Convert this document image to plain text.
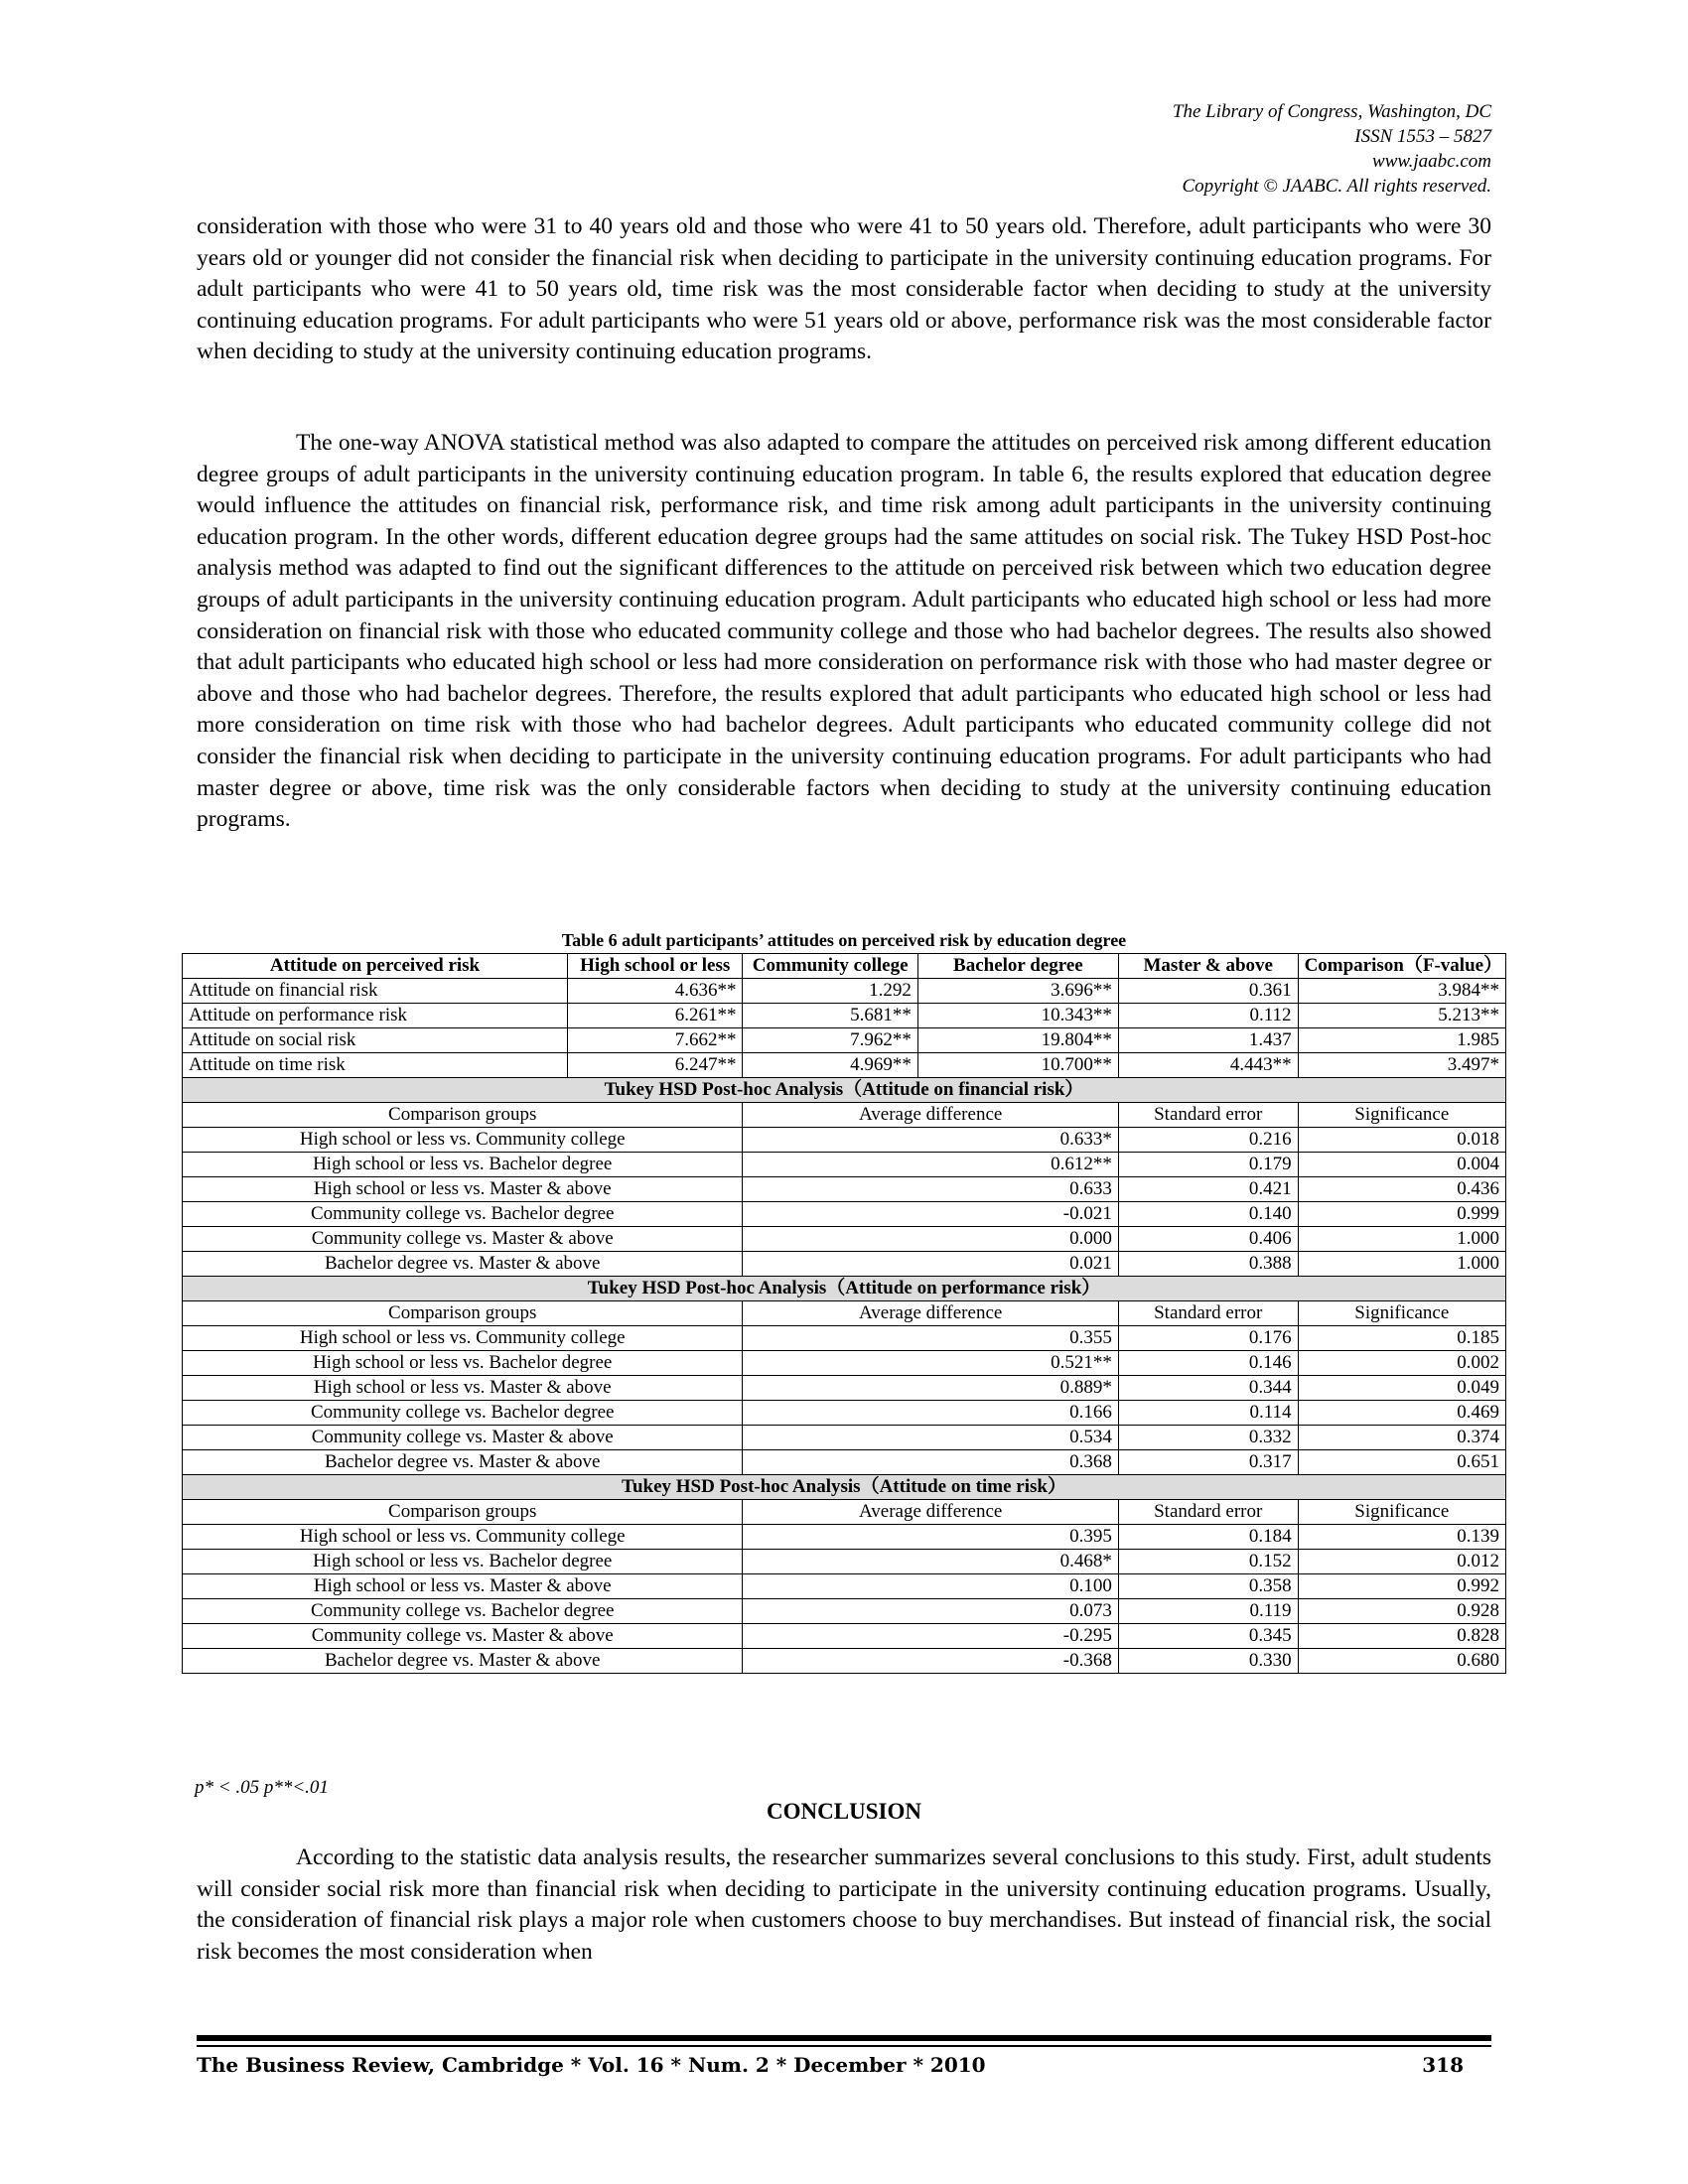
The Library of Congress, Washington, DC
ISSN 1553 – 5827
www.jaabc.com
Copyright © JAABC. All rights reserved.

consideration with those who were 31 to 40 years old and those who were 41 to 50 years old. Therefore, adult participants who were 30 years old or younger did not consider the financial risk when deciding to participate in the university continuing education programs. For adult participants who were 41 to 50 years old, time risk was the most considerable factor when deciding to study at the university continuing education programs. For adult participants who were 51 years old or above, performance risk was the most considerable factor when deciding to study at the university continuing education programs.

The one-way ANOVA statistical method was also adapted to compare the attitudes on perceived risk among different education degree groups of adult participants in the university continuing education program. In table 6, the results explored that education degree would influence the attitudes on financial risk, performance risk, and time risk among adult participants in the university continuing education program. In the other words, different education degree groups had the same attitudes on social risk. The Tukey HSD Post-hoc analysis method was adapted to find out the significant differences to the attitude on perceived risk between which two education degree groups of adult participants in the university continuing education program. Adult participants who educated high school or less had more consideration on financial risk with those who educated community college and those who had bachelor degrees. The results also showed that adult participants who educated high school or less had more consideration on performance risk with those who had master degree or above and those who had bachelor degrees. Therefore, the results explored that adult participants who educated high school or less had more consideration on time risk with those who had bachelor degrees. Adult participants who educated community college did not consider the financial risk when deciding to participate in the university continuing education programs. For adult participants who had master degree or above, time risk was the only considerable factors when deciding to study at the university continuing education programs.

Table 6 adult participants’ attitudes on perceived risk by education degree
Attitude on perceived risk	High school or less	Community college	Bachelor degree	Master & above	Comparison（F-value）
Attitude on financial risk	4.636**	1.292	3.696**	0.361	3.984**
Attitude on performance risk	6.261**	5.681**	10.343**	0.112	5.213**
Attitude on social risk	7.662**	7.962**	19.804**	1.437	1.985
Attitude on time risk	6.247**	4.969**	10.700**	4.443**	3.497*
Tukey HSD Post-hoc Analysis（Attitude on financial risk）					
Comparison groups		Average difference		Standard error	Significance
High school or less vs. Community college		0.633*		0.216	0.018
High school or less vs. Bachelor degree		0.612**		0.179	0.004
High school or less vs. Master & above		0.633		0.421	0.436
Community college vs. Bachelor degree		-0.021		0.140	0.999
Community college vs. Master & above		0.000		0.406	1.000
Bachelor degree vs. Master & above		0.021		0.388	1.000
Tukey HSD Post-hoc Analysis（Attitude on performance risk）					
Comparison groups		Average difference		Standard error	Significance
High school or less vs. Community college		0.355		0.176	0.185
High school or less vs. Bachelor degree		0.521**		0.146	0.002
High school or less vs. Master & above		0.889*		0.344	0.049
Community college vs. Bachelor degree		0.166		0.114	0.469
Community college vs. Master & above		0.534		0.332	0.374
Bachelor degree vs. Master & above		0.368		0.317	0.651
Tukey HSD Post-hoc Analysis（Attitude on time risk）					
Comparison groups		Average difference		Standard error	Significance
High school or less vs. Community college		0.395		0.184	0.139
High school or less vs. Bachelor degree		0.468*		0.152	0.012
High school or less vs. Master & above		0.100		0.358	0.992
Community college vs. Bachelor degree		0.073		0.119	0.928
Community college vs. Master & above		-0.295		0.345	0.828
Bachelor degree vs. Master & above		-0.368		0.330	0.680
p* < .05 p**<.01
CONCLUSION

According to the statistic data analysis results, the researcher summarizes several conclusions to this study. First, adult students will consider social risk more than financial risk when deciding to participate in the university continuing education programs. Usually, the consideration of financial risk plays a major role when customers choose to buy merchandises. But instead of financial risk, the social risk becomes the most consideration when

The Business Review, Cambridge * Vol. 16 * Num. 2 * December * 2010	318
